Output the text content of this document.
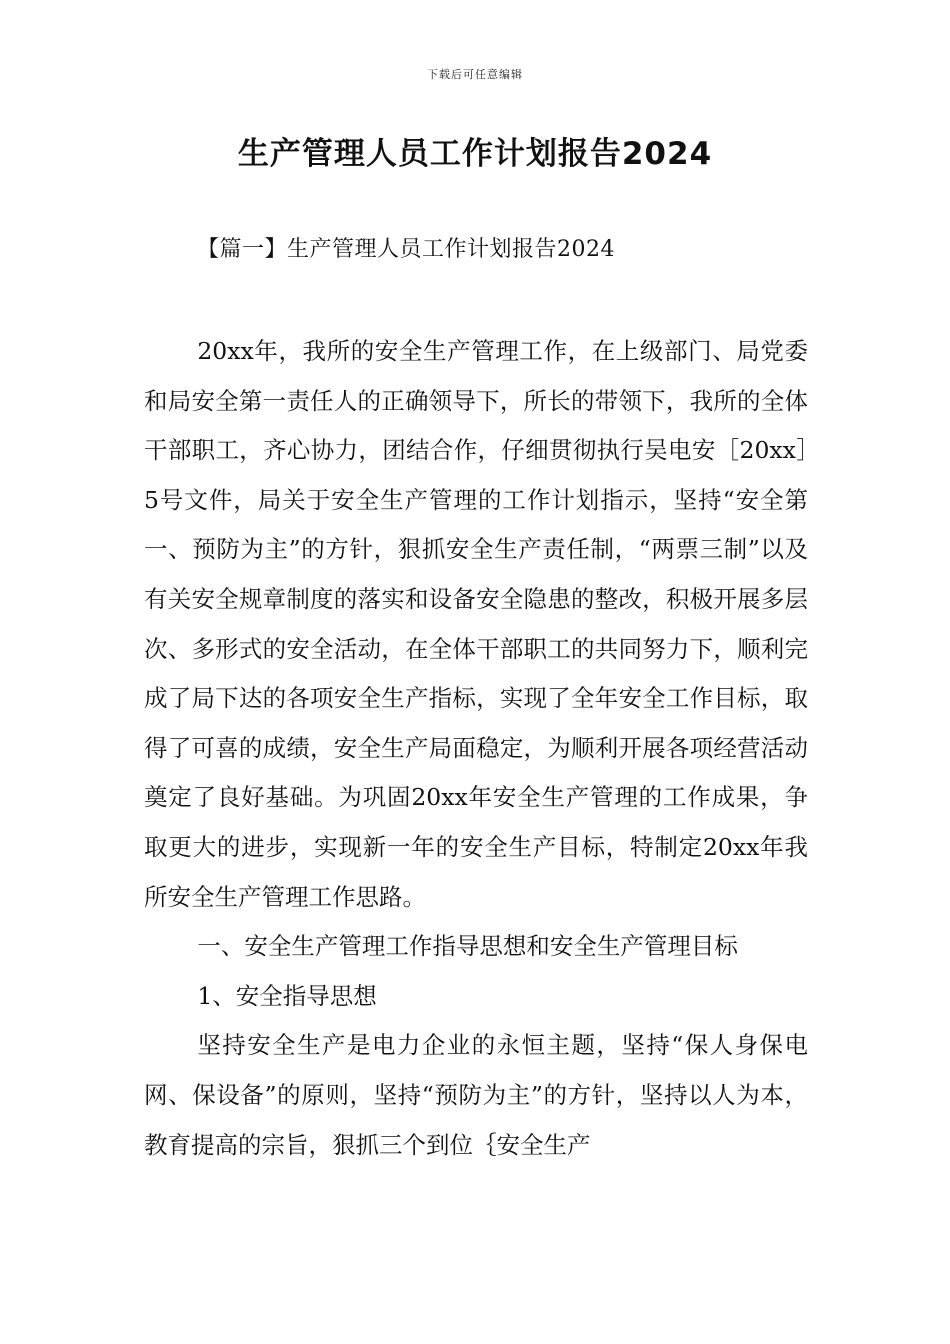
下载后可任意编辑
生产管理人员工作计划报告2024
【篇一】生产管理人员工作计划报告2024

20xx年，我所的安全生产管理工作，在上级部门、局党委和局安全第一责任人的正确领导下，所长的带领下，我所的全体干部职工，齐心协力，团结合作，仔细贯彻执行吴电安［20xx］5号文件，局关于安全生产管理的工作计划指示，坚持“安全第一、预防为主”的方针，狠抓安全生产责任制，“两票三制”以及有关安全规章制度的落实和设备安全隐患的整改，积极开展多层次、多形式的安全活动，在全体干部职工的共同努力下，顺利完成了局下达的各项安全生产指标，实现了全年安全工作目标，取得了可喜的成绩，安全生产局面稳定，为顺利开展各项经营活动奠定了良好基础。为巩固20xx年安全生产管理的工作成果，争取更大的进步，实现新一年的安全生产目标，特制定20xx年我所安全生产管理工作思路。

一、安全生产管理工作指导思想和安全生产管理目标

1、安全指导思想

坚持安全生产是电力企业的永恒主题，坚持“保人身保电网、保设备”的原则，坚持“预防为主”的方针，坚持以人为本，教育提高的宗旨，狠抓三个到位｛安全生产
